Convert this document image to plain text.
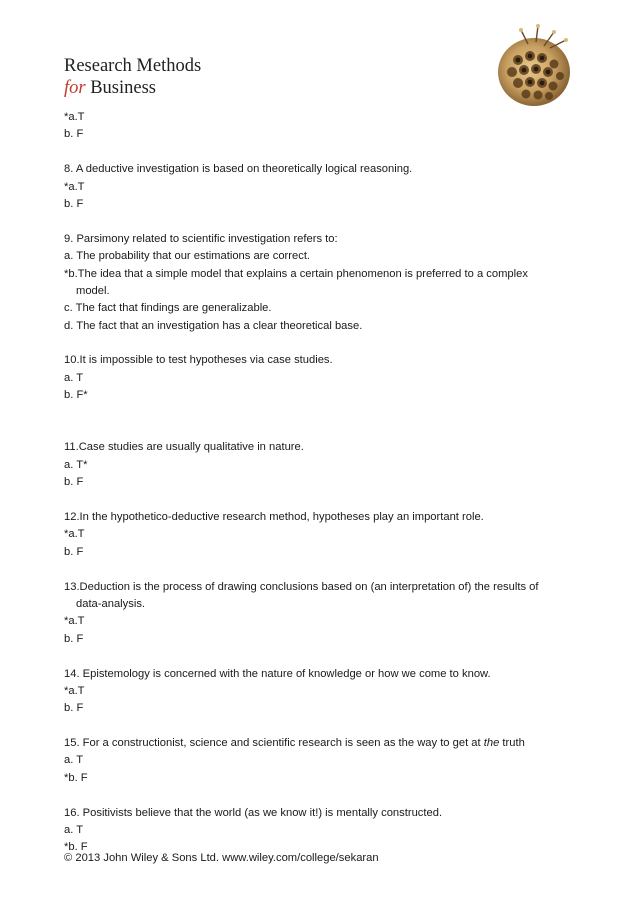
Research Methods
for Business
*a.T
b. F
8. A deductive investigation is based on theoretically logical reasoning.
*a.T
b. F
9. Parsimony related to scientific investigation refers to:
a. The probability that our estimations are correct.
*b.The idea that a simple model that explains a certain phenomenon is preferred to a complex
model.
c. The fact that findings are generalizable.
d. The fact that an investigation has a clear theoretical base.
10.It is impossible to test hypotheses via case studies.
a. T
b. F*
11.Case studies are usually qualitative in nature.
a. T*
b. F
12.In the hypothetico-deductive research method, hypotheses play an important role.
*a.T
b. F
13.Deduction is the process of drawing conclusions based on (an interpretation of) the results of
data-analysis.
*a.T
b. F
14. Epistemology is concerned with the nature of knowledge or how we come to know.
*a.T
b. F
15. For a constructionist, science and scientific research is seen as the way to get at the truth
a. T
*b. F
16. Positivists believe that the world (as we know it!) is mentally constructed.
a. T
*b. F
© 2013 John Wiley & Sons Ltd. www.wiley.com/college/sekaran
